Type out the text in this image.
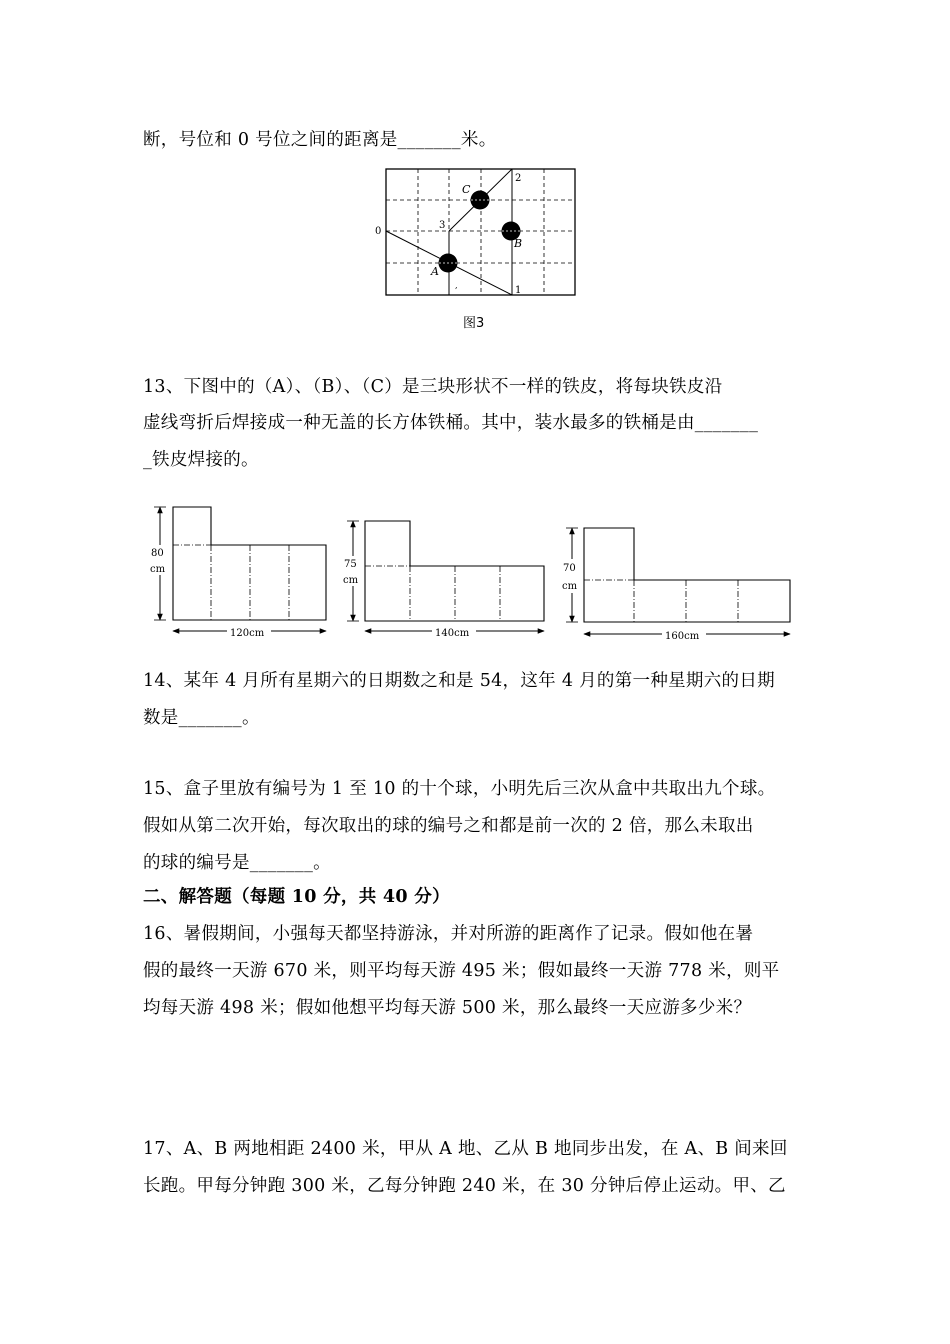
断，号位和 0 号位之间的距离是_______米。
0
1
2
3
A
B
C
,
图3
13、下图中的（A）、（B）、（C）是三块形状不一样的铁皮，将每块铁皮沿
虚线弯折后焊接成一种无盖的长方体铁桶。其中，装水最多的铁桶是由_______
_铁皮焊接的。
80
cm
120cm
75
cm
140cm
70
cm
160cm
14、某年 4 月所有星期六的日期数之和是 54，这年 4 月的第一种星期六的日期
数是_______。
15、盒子里放有编号为 1 至 10 的十个球，小明先后三次从盒中共取出九个球。
假如从第二次开始，每次取出的球的编号之和都是前一次的 2 倍，那么未取出
的球的编号是_______。
二、解答题（每题 10 分，共 40 分）
16、暑假期间，小强每天都坚持游泳，并对所游的距离作了记录。假如他在暑
假的最终一天游 670 米，则平均每天游 495 米；假如最终一天游 778 米，则平
均每天游 498 米；假如他想平均每天游 500 米，那么最终一天应游多少米？
17、A、B 两地相距 2400 米，甲从 A 地、乙从 B 地同步出发，在 A、B 间来回
长跑。甲每分钟跑 300 米，乙每分钟跑 240 米，在 30 分钟后停止运动。甲、乙
